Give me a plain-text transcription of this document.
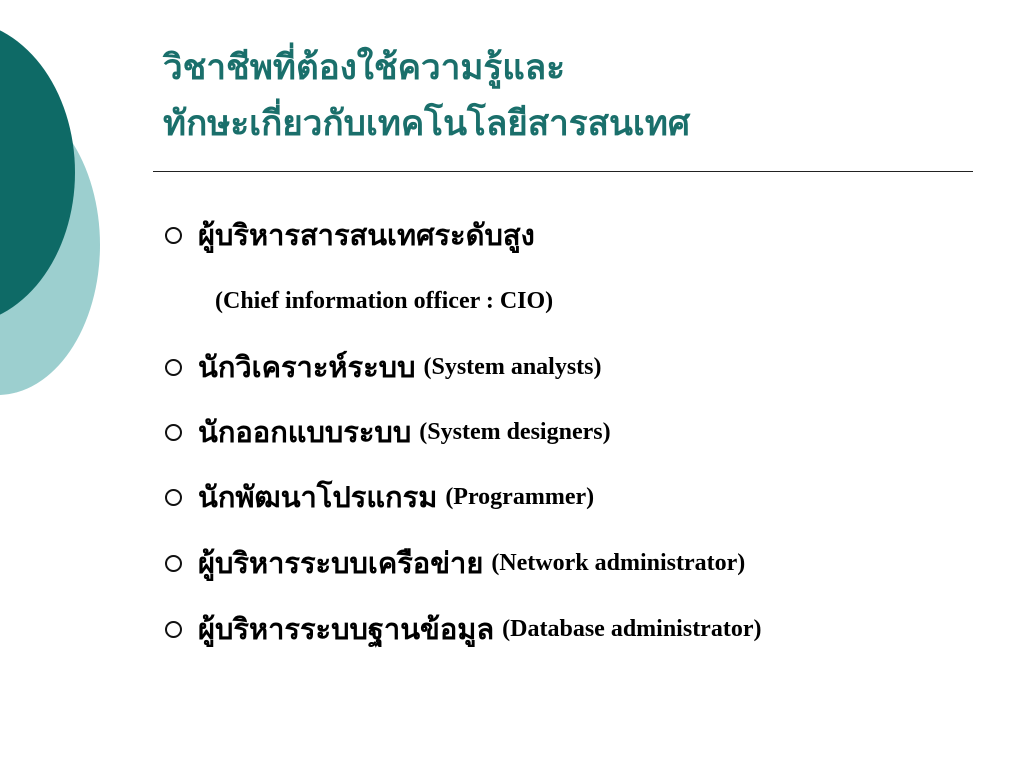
วิชาชีพที่ต้องใช้ความรู้และ
ทักษะเกี่ยวกับเทคโนโลยีสารสนเทศ
ผู้บริหารสารสนเทศระดับสูง
(Chief information officer : CIO)
นักวิเคราะห์ระบบ (System analysts)
นักออกแบบระบบ (System designers)
นักพัฒนาโปรแกรม (Programmer)
ผู้บริหารระบบเครือข่าย (Network administrator)
ผู้บริหารระบบฐานข้อมูล (Database administrator)
